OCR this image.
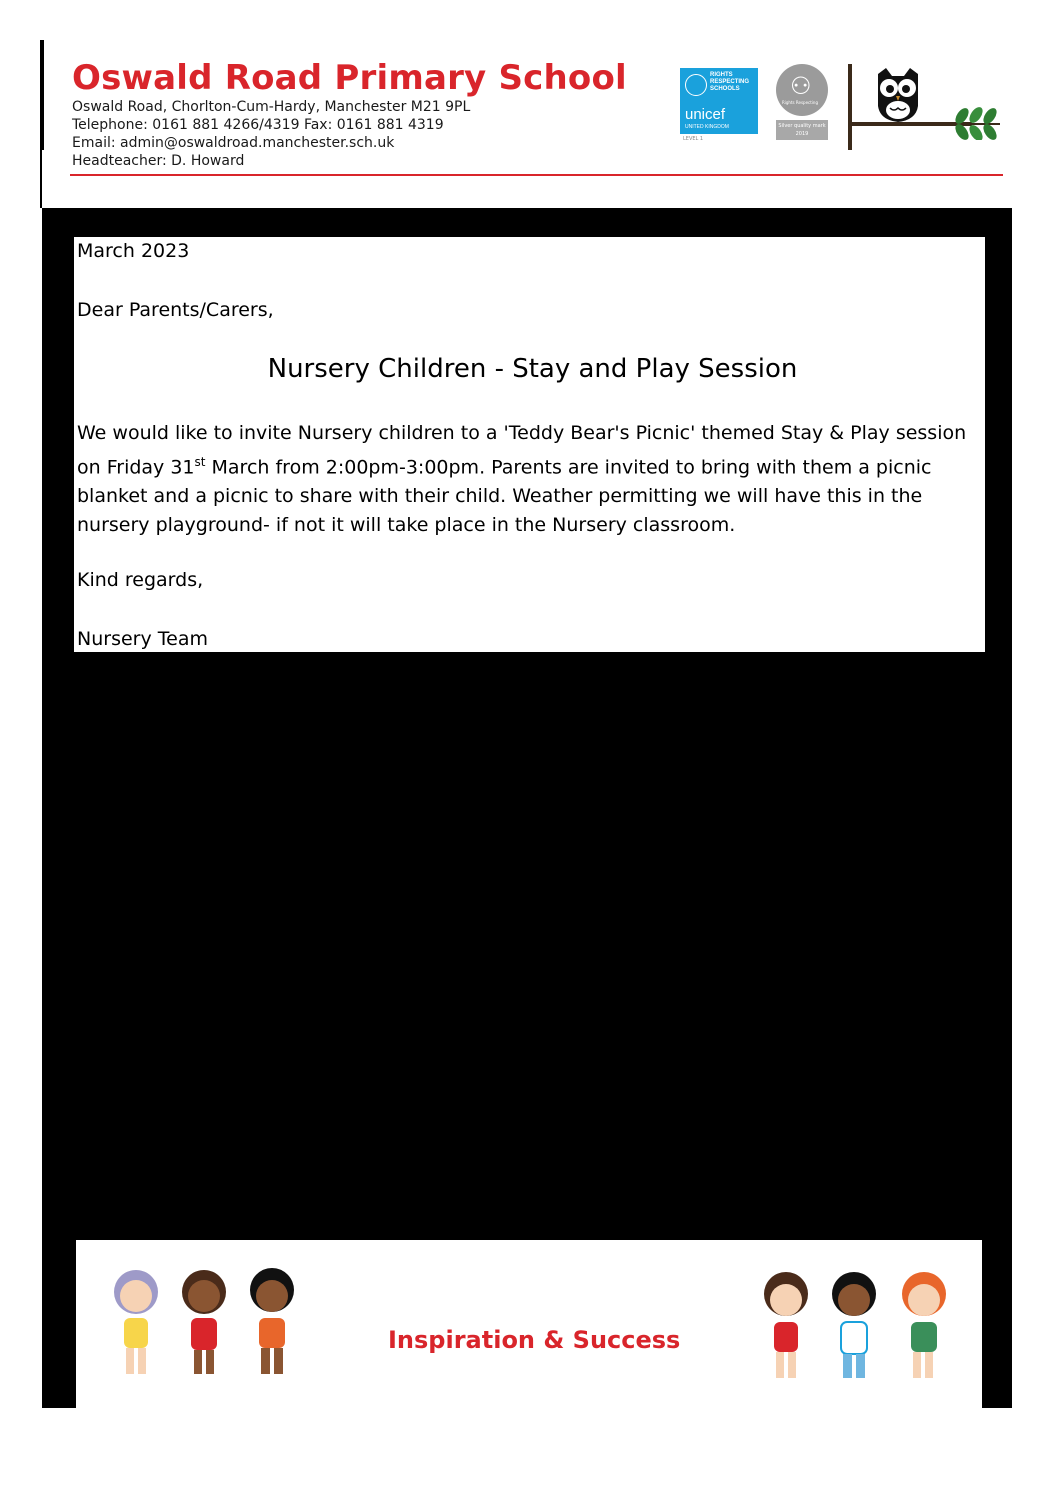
Oswald Road Primary School

Oswald Road, Chorlton-Cum-Hardy, Manchester M21 9PL

Telephone: 0161 881 4266/4319 Fax: 0161 881 4319

Email: admin@oswaldroad.manchester.sch.uk

Headteacher: D. Howard

RIGHTS RESPECTING SCHOOLS
unicef
UNITED KINGDOM
LEVEL 1
⚇
Rights Respecting
Silver quality mark 2019

March 2023

Dear Parents/Carers,

Nursery Children - Stay and Play Session

We would like to invite Nursery children to a 'Teddy Bear's Picnic' themed Stay & Play session on Friday 31st March from 2:00pm-3:00pm. Parents are invited to bring with them a picnic blanket and a picnic to share with their child. Weather permitting we will have this in the nursery playground- if not it will take place in the Nursery classroom.

Kind regards,

Nursery Team

Inspiration & Success
